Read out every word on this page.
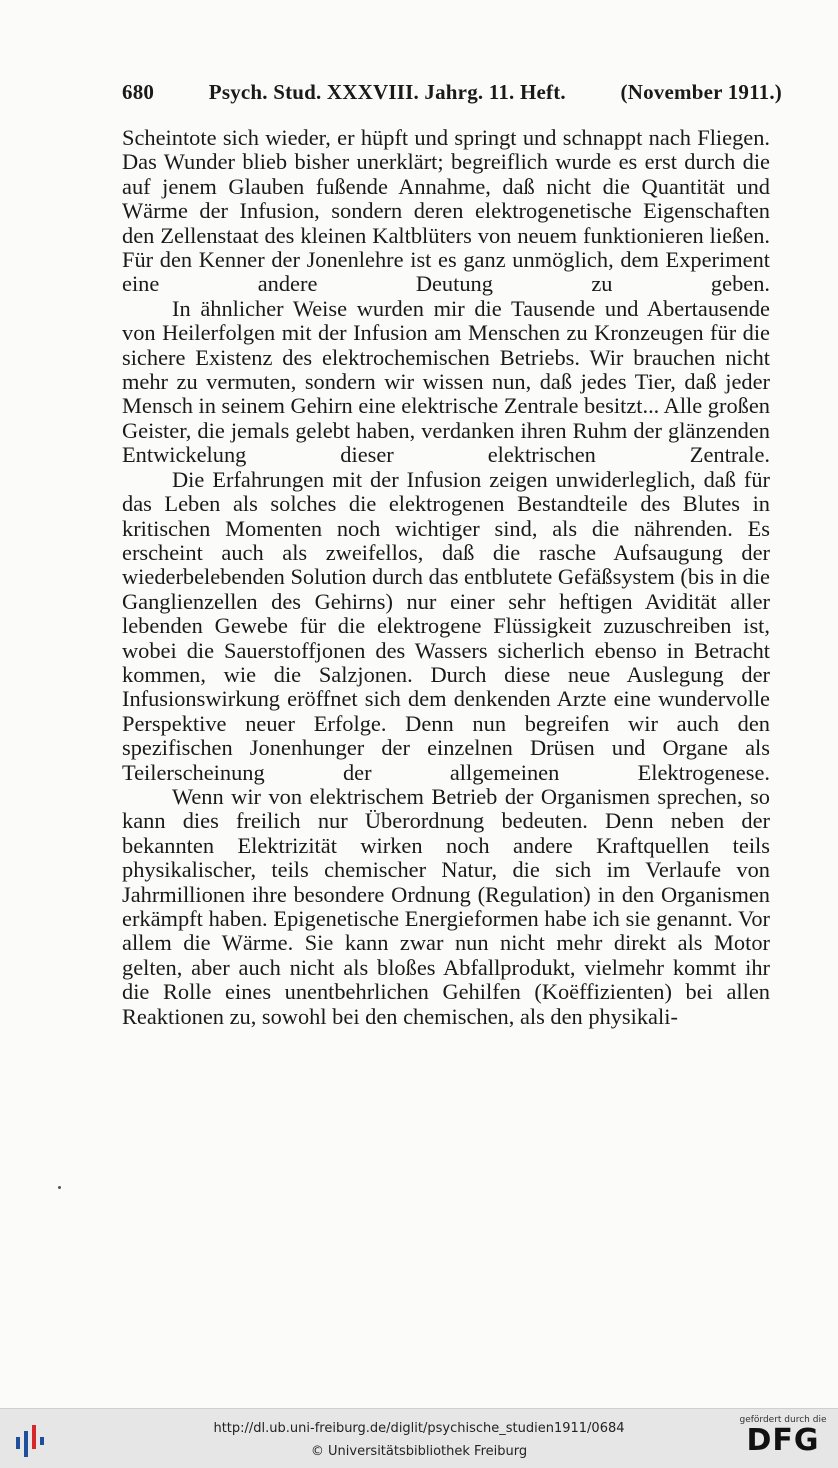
680	Psych. Stud. XXXVIII. Jahrg. 11. Heft.	(November 1911.)

Scheintote sich wieder, er hüpft und springt und schnappt nach Fliegen. Das Wunder blieb bisher unerklärt; begreiflich wurde es erst durch die auf jenem Glauben fußende Annahme, daß nicht die Quantität und Wärme der Infusion, sondern deren elektrogenetische Eigenschaften den Zellenstaat des kleinen Kaltblüters von neuem funktionieren ließen. Für den Kenner der Jonenlehre ist es ganz unmöglich, dem Experiment eine andere Deutung zu geben.

In ähnlicher Weise wurden mir die Tausende und Abertausende von Heilerfolgen mit der Infusion am Menschen zu Kronzeugen für die sichere Existenz des elektrochemischen Betriebs. Wir brauchen nicht mehr zu vermuten, sondern wir wissen nun, daß jedes Tier, daß jeder Mensch in seinem Gehirn eine elektrische Zentrale besitzt... Alle großen Geister, die jemals gelebt haben, verdanken ihren Ruhm der glänzenden Entwickelung dieser elektrischen Zentrale.

Die Erfahrungen mit der Infusion zeigen unwiderleglich, daß für das Leben als solches die elektrogenen Bestandteile des Blutes in kritischen Momenten noch wichtiger sind, als die nährenden. Es erscheint auch als zweifellos, daß die rasche Aufsaugung der wiederbelebenden Solution durch das entblutete Gefäßsystem (bis in die Ganglienzellen des Gehirns) nur einer sehr heftigen Avidität aller lebenden Gewebe für die elektrogene Flüssigkeit zuzuschreiben ist, wobei die Sauerstoffjonen des Wassers sicherlich ebenso in Betracht kommen, wie die Salzjonen. Durch diese neue Auslegung der Infusionswirkung eröffnet sich dem denkenden Arzte eine wundervolle Perspektive neuer Erfolge. Denn nun begreifen wir auch den spezifischen Jonenhunger der einzelnen Drüsen und Organe als Teilerscheinung der allgemeinen Elektrogenese.

Wenn wir von elektrischem Betrieb der Organismen sprechen, so kann dies freilich nur Überordnung bedeuten. Denn neben der bekannten Elektrizität wirken noch andere Kraftquellen teils physikalischer, teils chemischer Natur, die sich im Verlaufe von Jahrmillionen ihre besondere Ordnung (Regulation) in den Organismen erkämpft haben. Epigenetische Energieformen habe ich sie genannt. Vor allem die Wärme. Sie kann zwar nun nicht mehr direkt als Motor gelten, aber auch nicht als bloßes Abfallprodukt, vielmehr kommt ihr die Rolle eines unentbehrlichen Gehilfen (Koëffizienten) bei allen Reaktionen zu, sowohl bei den chemischen, als den physikali-

http://dl.ub.uni-freiburg.de/diglit/psychische_studien1911/0684
© Universitätsbibliothek Freiburg
gefördert durch die
DFG
